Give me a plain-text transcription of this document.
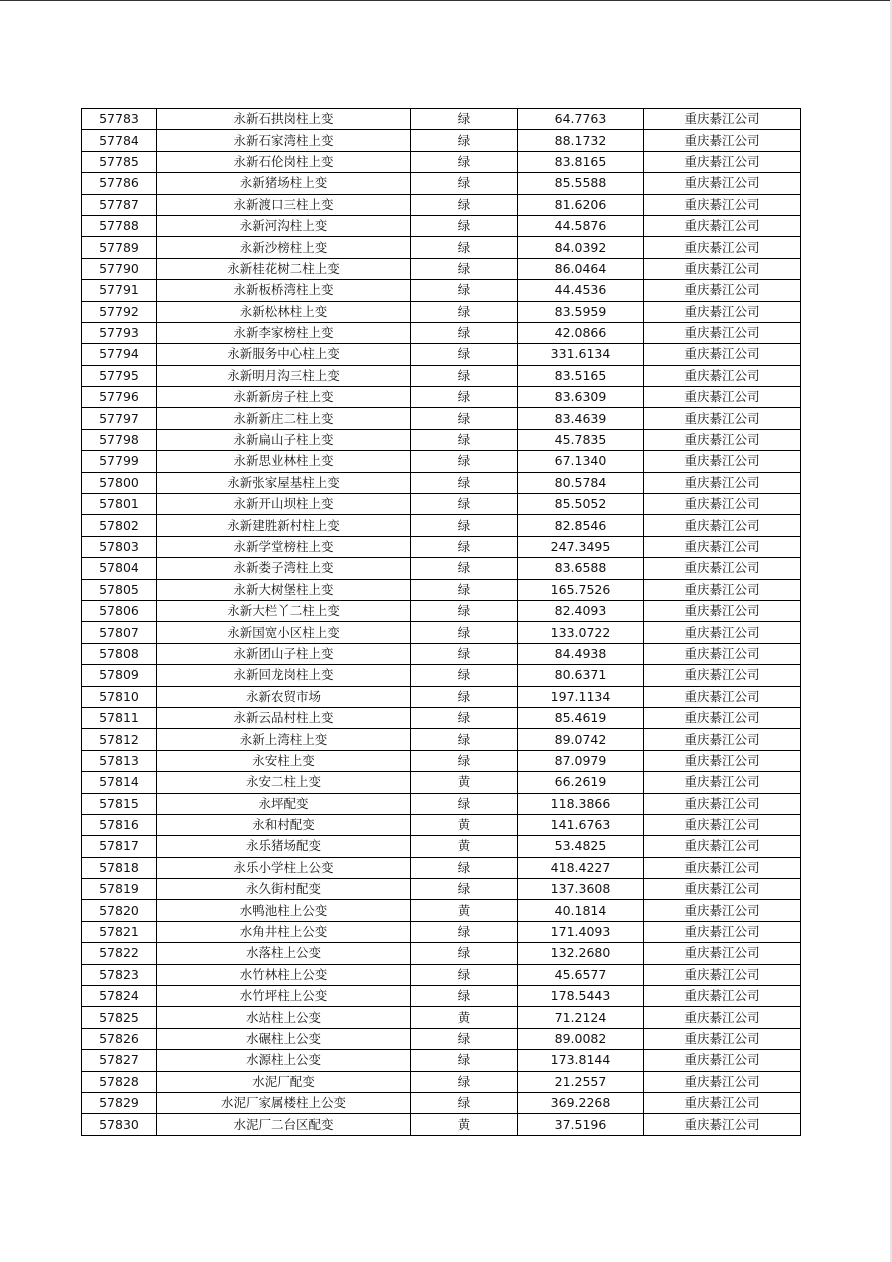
57783	永新石拱岗柱上变	绿	64.7763	重庆綦江公司
57784	永新石家湾柱上变	绿	88.1732	重庆綦江公司
57785	永新石伦岗柱上变	绿	83.8165	重庆綦江公司
57786	永新猪场柱上变	绿	85.5588	重庆綦江公司
57787	永新渡口三柱上变	绿	81.6206	重庆綦江公司
57788	永新河沟柱上变	绿	44.5876	重庆綦江公司
57789	永新沙榜柱上变	绿	84.0392	重庆綦江公司
57790	永新桂花树二柱上变	绿	86.0464	重庆綦江公司
57791	永新板桥湾柱上变	绿	44.4536	重庆綦江公司
57792	永新松林柱上变	绿	83.5959	重庆綦江公司
57793	永新李家榜柱上变	绿	42.0866	重庆綦江公司
57794	永新服务中心柱上变	绿	331.6134	重庆綦江公司
57795	永新明月沟三柱上变	绿	83.5165	重庆綦江公司
57796	永新新房子柱上变	绿	83.6309	重庆綦江公司
57797	永新新庄二柱上变	绿	83.4639	重庆綦江公司
57798	永新扁山子柱上变	绿	45.7835	重庆綦江公司
57799	永新思业林柱上变	绿	67.1340	重庆綦江公司
57800	永新张家屋基柱上变	绿	80.5784	重庆綦江公司
57801	永新开山坝柱上变	绿	85.5052	重庆綦江公司
57802	永新建胜新村柱上变	绿	82.8546	重庆綦江公司
57803	永新学堂榜柱上变	绿	247.3495	重庆綦江公司
57804	永新娄子湾柱上变	绿	83.6588	重庆綦江公司
57805	永新大树堡柱上变	绿	165.7526	重庆綦江公司
57806	永新大栏丫二柱上变	绿	82.4093	重庆綦江公司
57807	永新国宽小区柱上变	绿	133.0722	重庆綦江公司
57808	永新团山子柱上变	绿	84.4938	重庆綦江公司
57809	永新回龙岗柱上变	绿	80.6371	重庆綦江公司
57810	永新农贸市场	绿	197.1134	重庆綦江公司
57811	永新云品村柱上变	绿	85.4619	重庆綦江公司
57812	永新上湾柱上变	绿	89.0742	重庆綦江公司
57813	永安柱上变	绿	87.0979	重庆綦江公司
57814	永安二柱上变	黄	66.2619	重庆綦江公司
57815	永坪配变	绿	118.3866	重庆綦江公司
57816	永和村配变	黄	141.6763	重庆綦江公司
57817	永乐猪场配变	黄	53.4825	重庆綦江公司
57818	永乐小学柱上公变	绿	418.4227	重庆綦江公司
57819	永久街村配变	绿	137.3608	重庆綦江公司
57820	水鸭池柱上公变	黄	40.1814	重庆綦江公司
57821	水角井柱上公变	绿	171.4093	重庆綦江公司
57822	水落柱上公变	绿	132.2680	重庆綦江公司
57823	水竹林柱上公变	绿	45.6577	重庆綦江公司
57824	水竹坪柱上公变	绿	178.5443	重庆綦江公司
57825	水站柱上公变	黄	71.2124	重庆綦江公司
57826	水碾柱上公变	绿	89.0082	重庆綦江公司
57827	水源柱上公变	绿	173.8144	重庆綦江公司
57828	水泥厂配变	绿	21.2557	重庆綦江公司
57829	水泥厂家属楼柱上公变	绿	369.2268	重庆綦江公司
57830	水泥厂二台区配变	黄	37.5196	重庆綦江公司
